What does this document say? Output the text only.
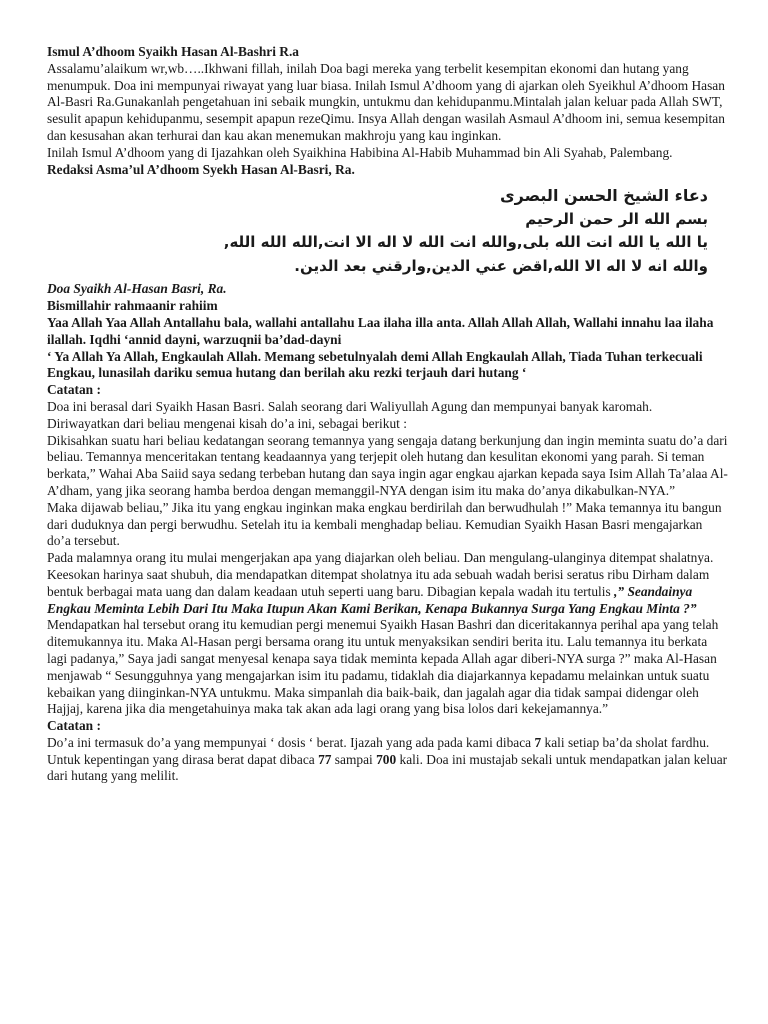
Ismul A’dhoom Syaikh Hasan Al-Bashri R.a

Assalamu’alaikum wr,wb…..Ikhwani fillah, inilah Doa bagi mereka yang terbelit kesempitan ekonomi dan hutang yang menumpuk. Doa ini mempunyai riwayat yang luar biasa. Inilah Ismul A’dhoom yang di ajarkan oleh Syeikhul A’dhoom Hasan Al-Basri Ra.Gunakanlah pengetahuan ini sebaik mungkin, untukmu dan kehidupanmu.Mintalah jalan keluar pada Allah SWT, sesulit apapun kehidupanmu, sesempit apapun rezeQimu. Insya Allah dengan wasilah Asmaul A’dhoom ini, semua kesempitan dan kesusahan akan terhurai dan kau akan menemukan makhroju yang kau inginkan.

Inilah Ismul A’dhoom yang di Ijazahkan oleh Syaikhina Habibina Al-Habib Muhammad bin Ali Syahab, Palembang.

Redaksi Asma’ul A’dhoom Syekh Hasan Al-Basri, Ra.

دعاء الشيخ الحسن البصرى

بسم الله الر حمن الرحيم

يا الله يا الله انت الله بلى,والله انت الله لا اله الا انت,الله الله الله,

والله انه لا اله الا الله,اقض عني الدين,وارقني بعد الدين.

Doa Syaikh Al-Hasan Basri, Ra.

Bismillahir rahmaanir rahiim

Yaa Allah Yaa Allah Antallahu bala, wallahi antallahu Laa ilaha illa anta. Allah Allah Allah, Wallahi innahu laa ilaha ilallah. Iqdhi ‘annid dayni, warzuqnii ba’dad-dayni

‘ Ya Allah Ya Allah, Engkaulah Allah. Memang sebetulnyalah demi Allah Engkaulah Allah, Tiada Tuhan terkecuali Engkau, lunasilah dariku semua hutang dan berilah aku rezki terjauh dari hutang ‘

Catatan :

Doa ini berasal dari Syaikh Hasan Basri. Salah seorang dari Waliyullah Agung dan mempunyai banyak karomah. Diriwayatkan dari beliau mengenai kisah do’a ini, sebagai berikut :

Dikisahkan suatu hari beliau kedatangan seorang temannya yang sengaja datang berkunjung dan ingin meminta suatu do’a dari beliau. Temannya menceritakan tentang keadaannya yang terjepit oleh hutang dan kesulitan ekonomi yang parah. Si teman berkata,” Wahai Aba Saiid saya sedang terbeban hutang dan saya ingin agar engkau ajarkan kepada saya Isim Allah Ta’alaa Al-A’dham, yang jika seorang hamba berdoa dengan memanggil-NYA dengan isim itu maka do’anya dikabulkan-NYA.”

Maka dijawab beliau,” Jika itu yang engkau inginkan maka engkau berdirilah dan berwudhulah !” Maka temannya itu bangun dari duduknya dan pergi berwudhu. Setelah itu ia kembali menghadap beliau. Kemudian Syaikh Hasan Basri mengajarkan do’a tersebut.

Pada malamnya orang itu mulai mengerjakan apa yang diajarkan oleh beliau. Dan mengulang-ulanginya ditempat shalatnya. Keesokan harinya saat shubuh, dia mendapatkan ditempat sholatnya itu ada sebuah wadah berisi seratus ribu Dirham dalam bentuk berbagai mata uang dan dalam keadaan utuh seperti uang baru. Dibagian kepala wadah itu tertulis ,” Seandainya Engkau Meminta Lebih Dari Itu Maka Itupun Akan Kami Berikan, Kenapa Bukannya Surga Yang Engkau Minta ?”

Mendapatkan hal tersebut orang itu kemudian pergi menemui Syaikh Hasan Bashri dan diceritakannya perihal apa yang telah ditemukannya itu. Maka Al-Hasan pergi bersama orang itu untuk menyaksikan sendiri berita itu. Lalu temannya itu berkata lagi padanya,” Saya jadi sangat menyesal kenapa saya tidak meminta kepada Allah agar diberi-NYA surga ?” maka Al-Hasan menjawab “ Sesungguhnya yang mengajarkan isim itu padamu, tidaklah dia diajarkannya kepadamu melainkan untuk suatu kebaikan yang diinginkan-NYA untukmu. Maka simpanlah dia baik-baik, dan jagalah agar dia tidak sampai didengar oleh Hajjaj, karena jika dia mengetahuinya maka tak akan ada lagi orang yang bisa lolos dari kekejamannya.”

Catatan :

Do’a ini termasuk do’a yang mempunyai ‘ dosis ‘ berat. Ijazah yang ada pada kami dibaca 7 kali setiap ba’da sholat fardhu. Untuk kepentingan yang dirasa berat dapat dibaca 77 sampai 700 kali. Doa ini mustajab sekali untuk mendapatkan jalan keluar dari hutang yang melilit.
